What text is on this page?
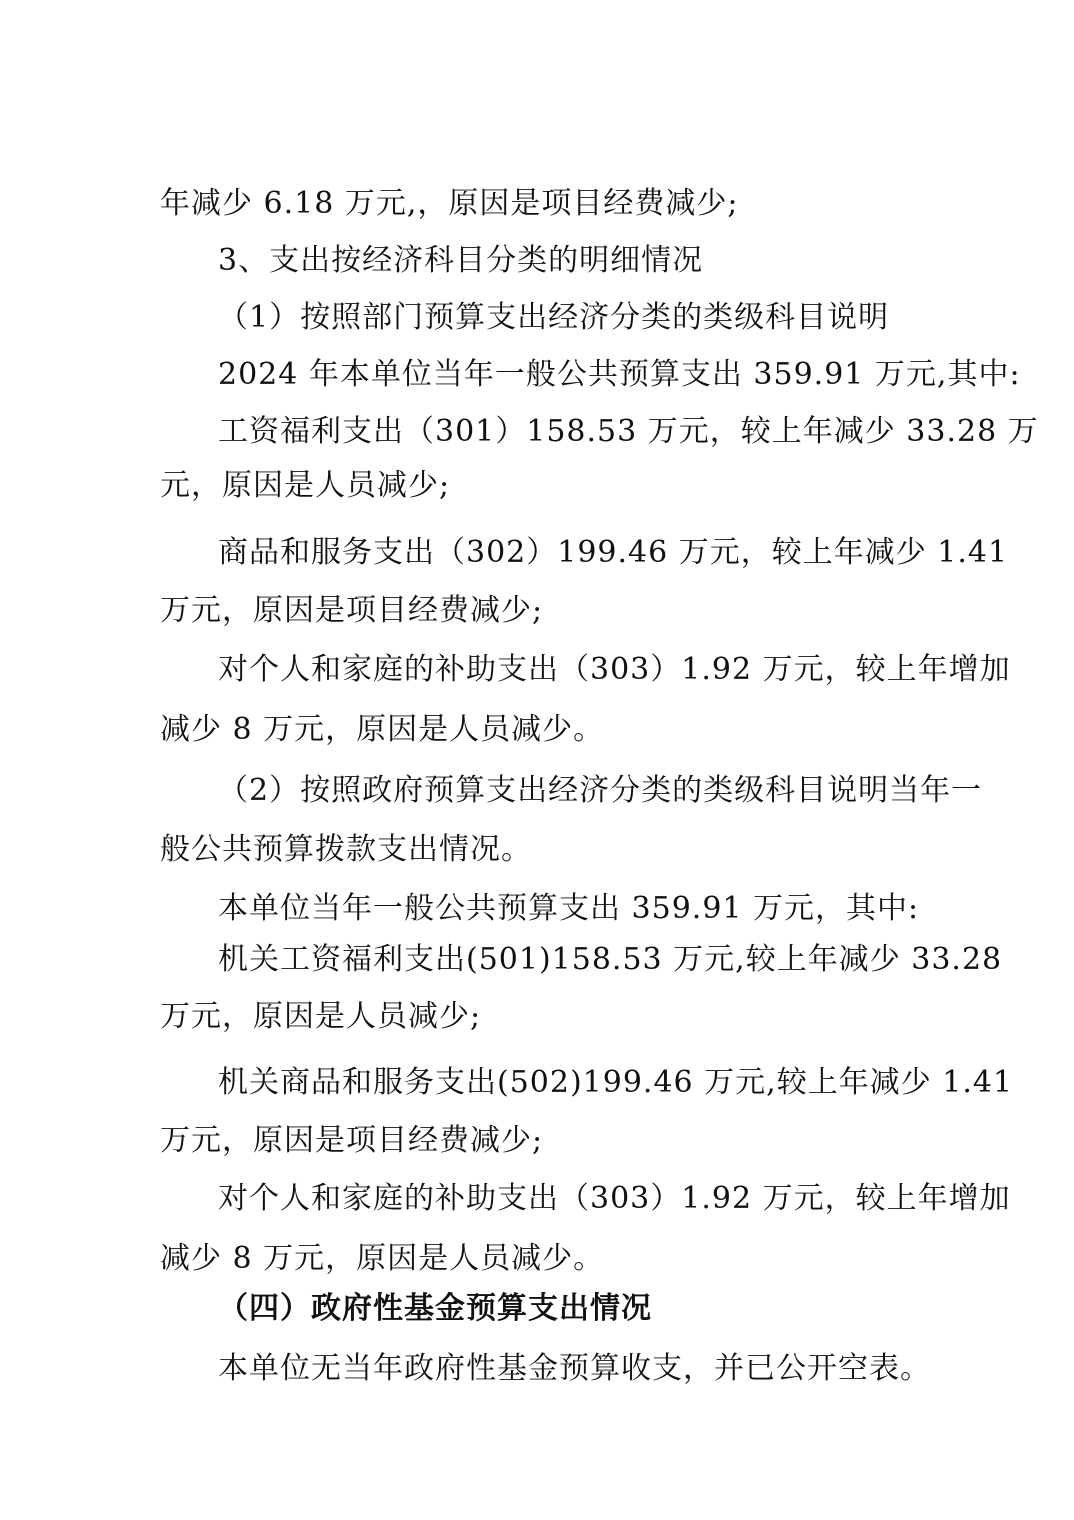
年减少 6.18 万元,，原因是项目经费减少;
3、支出按经济科目分类的明细情况
（1）按照部门预算支出经济分类的类级科目说明
2024 年本单位当年一般公共预算支出 359.91 万元,其中:
工资福利支出（301）158.53 万元，较上年减少 33.28 万
元，原因是人员减少;
商品和服务支出（302）199.46 万元，较上年减少 1.41
万元，原因是项目经费减少;
对个人和家庭的补助支出（303）1.92 万元，较上年增加
减少 8 万元，原因是人员减少。
（2）按照政府预算支出经济分类的类级科目说明当年一
般公共预算拨款支出情况。
本单位当年一般公共预算支出 359.91 万元，其中:
机关工资福利支出(501)158.53 万元,较上年减少 33.28
万元，原因是人员减少;
机关商品和服务支出(502)199.46 万元,较上年减少 1.41
万元，原因是项目经费减少;
对个人和家庭的补助支出（303）1.92 万元，较上年增加
减少 8 万元，原因是人员减少。
（四）政府性基金预算支出情况
本单位无当年政府性基金预算收支，并已公开空表。
